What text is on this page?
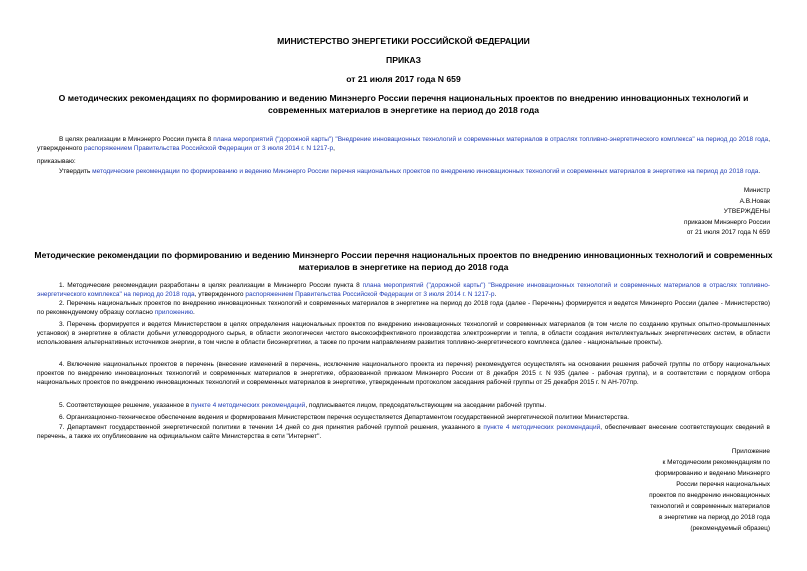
МИНИСТЕРСТВО ЭНЕРГЕТИКИ РОССИЙСКОЙ ФЕДЕРАЦИИ
ПРИКАЗ
от 21 июля 2017 года N 659
О методических рекомендациях по формированию и ведению Минэнерго России перечня национальных проектов по внедрению инновационных технологий и современных материалов в энергетике на период до 2018 года
В целях реализации в Минэнерго России пункта 8 плана мероприятий ("дорожной карты") "Внедрение инновационных технологий и современных материалов в отраслях топливно-энергетического комплекса" на период до 2018 года, утвержденного распоряжением Правительства Российской Федерации от 3 июля 2014 г. N 1217-р,
приказываю:
Утвердить методические рекомендации по формированию и ведению Минэнерго России перечня национальных проектов по внедрению инновационных технологий и современных материалов в энергетике на период до 2018 года.
Министр
А.В.Новак
УТВЕРЖДЕНЫ
приказом Минэнерго России
от 21 июля 2017 года N 659
Методические рекомендации по формированию и ведению Минэнерго России перечня национальных проектов по внедрению инновационных технологий и современных материалов в энергетике на период до 2018 года
1. Методические рекомендации разработаны в целях реализации в Минэнерго России пункта 8 плана мероприятий ("дорожной карты") "Внедрение инновационных технологий и современных материалов в отраслях топливно-энергетического комплекса" на период до 2018 года, утвержденного распоряжением Правительства Российской Федерации от 3 июля 2014 г. N 1217-р.
2. Перечень национальных проектов по внедрению инновационных технологий и современных материалов в энергетике на период до 2018 года (далее - Перечень) формируется и ведется Минэнерго России (далее - Министерство) по рекомендуемому образцу согласно приложению.
3. Перечень формируется и ведется Министерством в целях определения национальных проектов по внедрению инновационных технологий и современных материалов (в том числе по созданию крупных опытно-промышленных установок) в энергетике в области добычи углеводородного сырья, в области экологически чистого высокоэффективного производства электроэнергии и тепла, в области создания интеллектуальных энергетических систем, в области использования альтернативных источников энергии, в том числе в области биоэнергетики, а также по прочим направлениям развития топливно-энергетического комплекса (далее - национальные проекты).
4. Включение национальных проектов в перечень (внесение изменений в перечень, исключение национального проекта из перечня) рекомендуется осуществлять на основании решения рабочей группы по отбору национальных проектов по внедрению инновационных технологий и современных материалов в энергетике, образованной приказом Минэнерго России от 8 декабря 2015 г. N 935 (далее - рабочая группа), и в соответствии с порядком отбора национальных проектов по внедрению инновационных технологий и современных материалов в энергетике, утвержденным протоколом заседания рабочей группы от 25 декабря 2015 г. N АН-707пр.
5. Соответствующее решение, указанное в пункте 4 методических рекомендаций, подписывается лицом, председательствующим на заседании рабочей группы.
6. Организационно-техническое обеспечение ведения и формирования Министерством перечня осуществляется Департаментом государственной энергетической политики Министерства.
7. Департамент государственной энергетической политики в течении 14 дней со дня принятия рабочей группой решения, указанного в пункте 4 методических рекомендаций, обеспечивает внесение соответствующих сведений в перечень, а также их опубликование на официальном сайте Министерства в сети "Интернет".
Приложение
к Методическим рекомендациям по
формированию и ведению Минэнерго
России перечня национальных
проектов по внедрению инновационных
технологий и современных материалов
в энергетике на период до 2018 года
(рекомендуемый образец)
